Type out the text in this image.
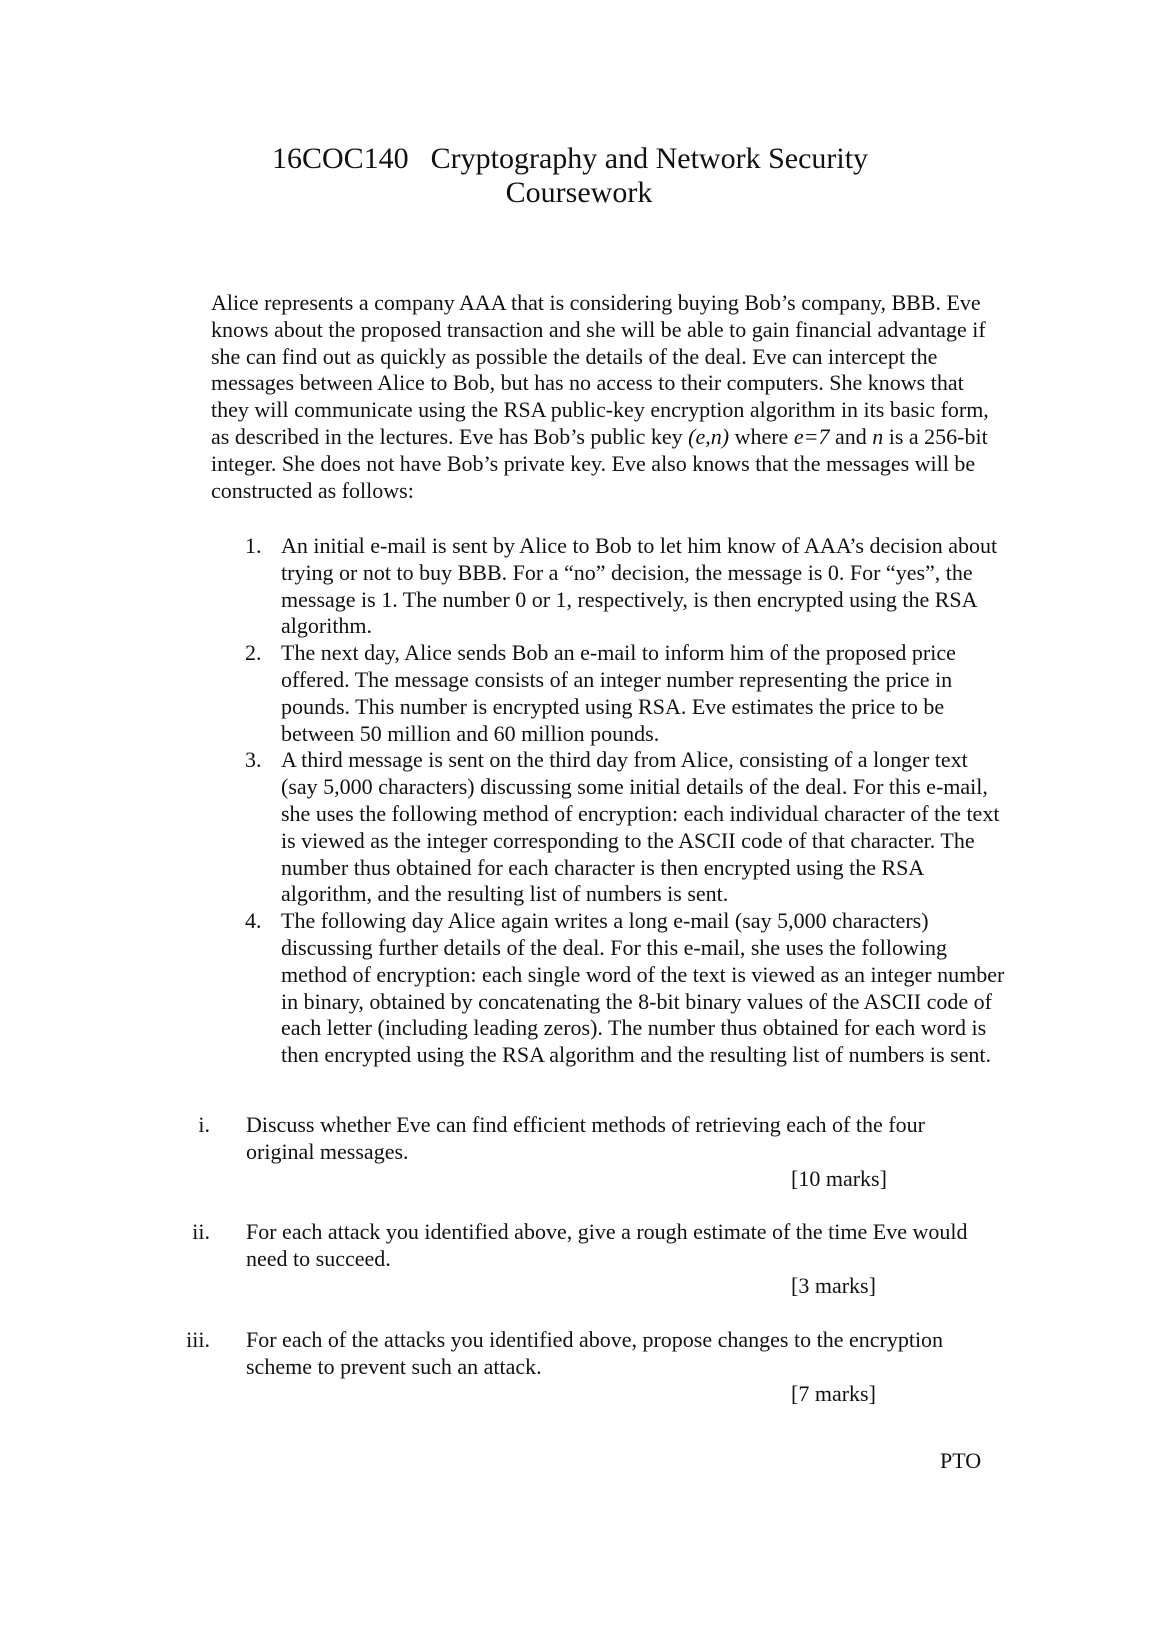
16COC140 Cryptography and Network Security
Coursework

Alice represents a company AAA that is considering buying Bob’s company, BBB. Eve knows about the proposed transaction and she will be able to gain financial advantage if she can find out as quickly as possible the details of the deal. Eve can intercept the messages between Alice to Bob, but has no access to their computers. She knows that they will communicate using the RSA public-key encryption algorithm in its basic form, as described in the lectures. Eve has Bob’s public key (e,n) where e=7 and n is a 256-bit integer. She does not have Bob’s private key. Eve also knows that the messages will be constructed as follows:

1. An initial e-mail is sent by Alice to Bob to let him know of AAA’s decision about trying or not to buy BBB. For a “no” decision, the message is 0. For “yes”, the message is 1. The number 0 or 1, respectively, is then encrypted using the RSA algorithm.
2. The next day, Alice sends Bob an e-mail to inform him of the proposed price offered. The message consists of an integer number representing the price in pounds. This number is encrypted using RSA. Eve estimates the price to be between 50 million and 60 million pounds.
3. A third message is sent on the third day from Alice, consisting of a longer text (say 5,000 characters) discussing some initial details of the deal. For this e-mail, she uses the following method of encryption: each individual character of the text is viewed as the integer corresponding to the ASCII code of that character. The number thus obtained for each character is then encrypted using the RSA algorithm, and the resulting list of numbers is sent.
4. The following day Alice again writes a long e-mail (say 5,000 characters) discussing further details of the deal. For this e-mail, she uses the following method of encryption: each single word of the text is viewed as an integer number in binary, obtained by concatenating the 8-bit binary values of the ASCII code of each letter (including leading zeros). The number thus obtained for each word is then encrypted using the RSA algorithm and the resulting list of numbers is sent.
i. Discuss whether Eve can find efficient methods of retrieving each of the four original messages.
[10 marks]
ii. For each attack you identified above, give a rough estimate of the time Eve would need to succeed.
[3 marks]
iii. For each of the attacks you identified above, propose changes to the encryption scheme to prevent such an attack.
[7 marks]
PTO
